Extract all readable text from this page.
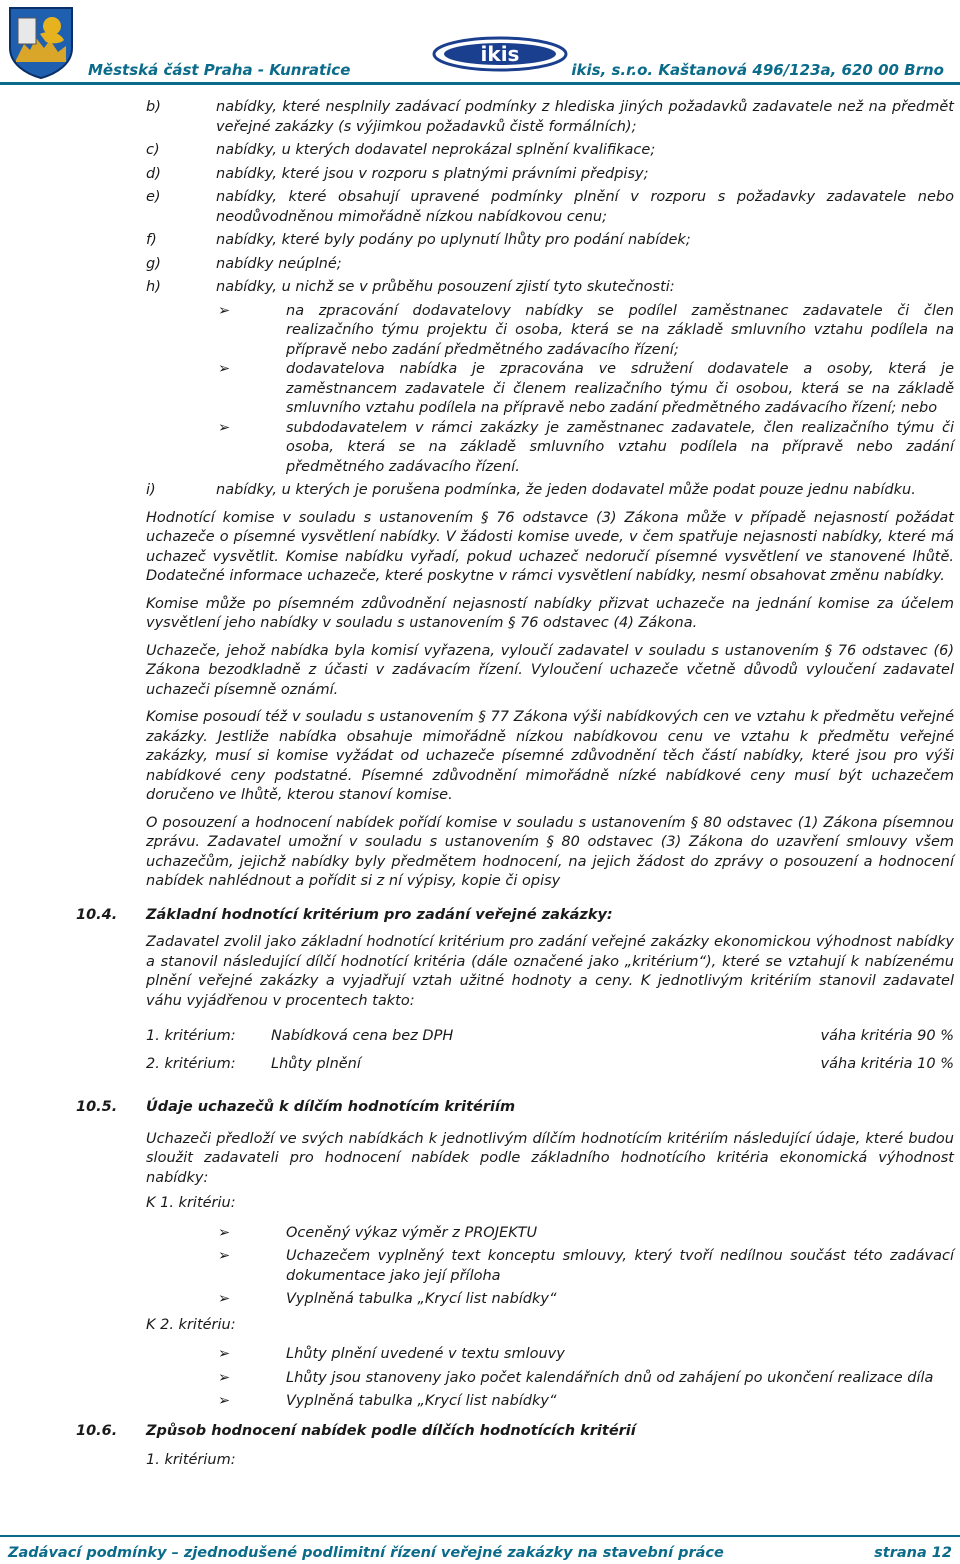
ikis
Městská část Praha - Kunratice	ikis, s.r.o. Kaštanová 496/123a, 620 00 Brno
b)	nabídky, které nesplnily zadávací podmínky z hlediska jiných požadavků zadavatele než na předmět veřejné zakázky (s výjimkou požadavků čistě formálních);
c)	nabídky, u kterých dodavatel neprokázal splnění kvalifikace;
d)	nabídky, které jsou v rozporu s platnými právními předpisy;
e)	nabídky, které obsahují upravené podmínky plnění v rozporu s požadavky zadavatele nebo neodůvodněnou mimořádně nízkou nabídkovou cenu;
f)	nabídky, které byly podány po uplynutí lhůty pro podání nabídek;
g)	nabídky neúplné;
h)	nabídky, u nichž se v průběhu posouzení zjistí tyto skutečnosti:
➢	na zpracování dodavatelovy nabídky se podílel zaměstnanec zadavatele či člen realizačního týmu projektu či osoba, která se na základě smluvního vztahu podílela na přípravě nebo zadání předmětného zadávacího řízení;
➢	dodavatelova nabídka je zpracována ve sdružení dodavatele a osoby, která je zaměstnancem zadavatele či členem realizačního týmu či osobou, která se na základě smluvního vztahu podílela na přípravě nebo zadání předmětného zadávacího řízení; nebo
➢	subdodavatelem v rámci zakázky je zaměstnanec zadavatele, člen realizačního týmu či osoba, která se na základě smluvního vztahu podílela na přípravě nebo zadání předmětného zadávacího řízení.
i)	nabídky, u kterých je porušena podmínka, že jeden dodavatel může podat pouze jednu nabídku.
Hodnotící komise v souladu s ustanovením § 76 odstavce (3) Zákona může v případě nejasností požádat uchazeče o písemné vysvětlení nabídky. V žádosti komise uvede, v čem spatřuje nejasnosti nabídky, které má uchazeč vysvětlit. Komise nabídku vyřadí, pokud uchazeč nedoručí písemné vysvětlení ve stanovené lhůtě. Dodatečné informace uchazeče, které poskytne v rámci vysvětlení nabídky, nesmí obsahovat změnu nabídky.
Komise může po písemném zdůvodnění nejasností nabídky přizvat uchazeče na jednání komise za účelem vysvětlení jeho nabídky v souladu s ustanovením § 76 odstavec (4) Zákona.
Uchazeče, jehož nabídka byla komisí vyřazena, vyloučí zadavatel v souladu s ustanovením § 76 odstavec (6) Zákona bezodkladně z účasti v zadávacím řízení. Vyloučení uchazeče včetně důvodů vyloučení zadavatel uchazeči písemně oznámí.
Komise posoudí též v souladu s ustanovením § 77 Zákona výši nabídkových cen ve vztahu k předmětu veřejné zakázky. Jestliže nabídka obsahuje mimořádně nízkou nabídkovou cenu ve vztahu k předmětu veřejné zakázky, musí si komise vyžádat od uchazeče písemné zdůvodnění těch částí nabídky, které jsou pro výši nabídkové ceny podstatné. Písemné zdůvodnění mimořádně nízké nabídkové ceny musí být uchazečem doručeno ve lhůtě, kterou stanoví komise.
O posouzení a hodnocení nabídek pořídí komise v souladu s ustanovením § 80 odstavec (1) Zákona písemnou zprávu. Zadavatel umožní v souladu s ustanovením § 80 odstavec (3) Zákona do uzavření smlouvy všem uchazečům, jejichž nabídky byly předmětem hodnocení, na jejich žádost do zprávy o posouzení a hodnocení nabídek nahlédnout a pořídit si z ní výpisy, kopie či opisy
10.4. Základní hodnotící kritérium pro zadání veřejné zakázky:
Zadavatel zvolil jako základní hodnotící kritérium pro zadání veřejné zakázky ekonomickou výhodnost nabídky a stanovil následující dílčí hodnotící kritéria (dále označené jako „kritérium“), které se vztahují k nabízenému plnění veřejné zakázky a vyjadřují vztah užitné hodnoty a ceny. K jednotlivým kritériím stanovil zadavatel váhu vyjádřenou v procentech takto:
1. kritérium: Nabídková cena bez DPH	váha kritéria 90 %
2. kritérium: Lhůty plnění	váha kritéria 10 %
10.5. Údaje uchazečů k dílčím hodnotícím kritériím
Uchazeči předloží ve svých nabídkách k jednotlivým dílčím hodnotícím kritériím následující údaje, které budou sloužit zadavateli pro hodnocení nabídek podle základního hodnotícího kritéria ekonomická výhodnost nabídky:
K 1. kritériu:
➢	Oceněný výkaz výměr z PROJEKTU
➢	Uchazečem vyplněný text konceptu smlouvy, který tvoří nedílnou součást této zadávací dokumentace jako její příloha
➢	Vyplněná tabulka „Krycí list nabídky“
K 2. kritériu:
➢	Lhůty plnění uvedené v textu smlouvy
➢	Lhůty jsou stanoveny jako počet kalendářních dnů od zahájení po ukončení realizace díla
➢	Vyplněná tabulka „Krycí list nabídky“
10.6. Způsob hodnocení nabídek podle dílčích hodnotících kritérií
1. kritérium:
Zadávací podmínky – zjednodušené podlimitní řízení veřejné zakázky na stavební práce	strana 12
